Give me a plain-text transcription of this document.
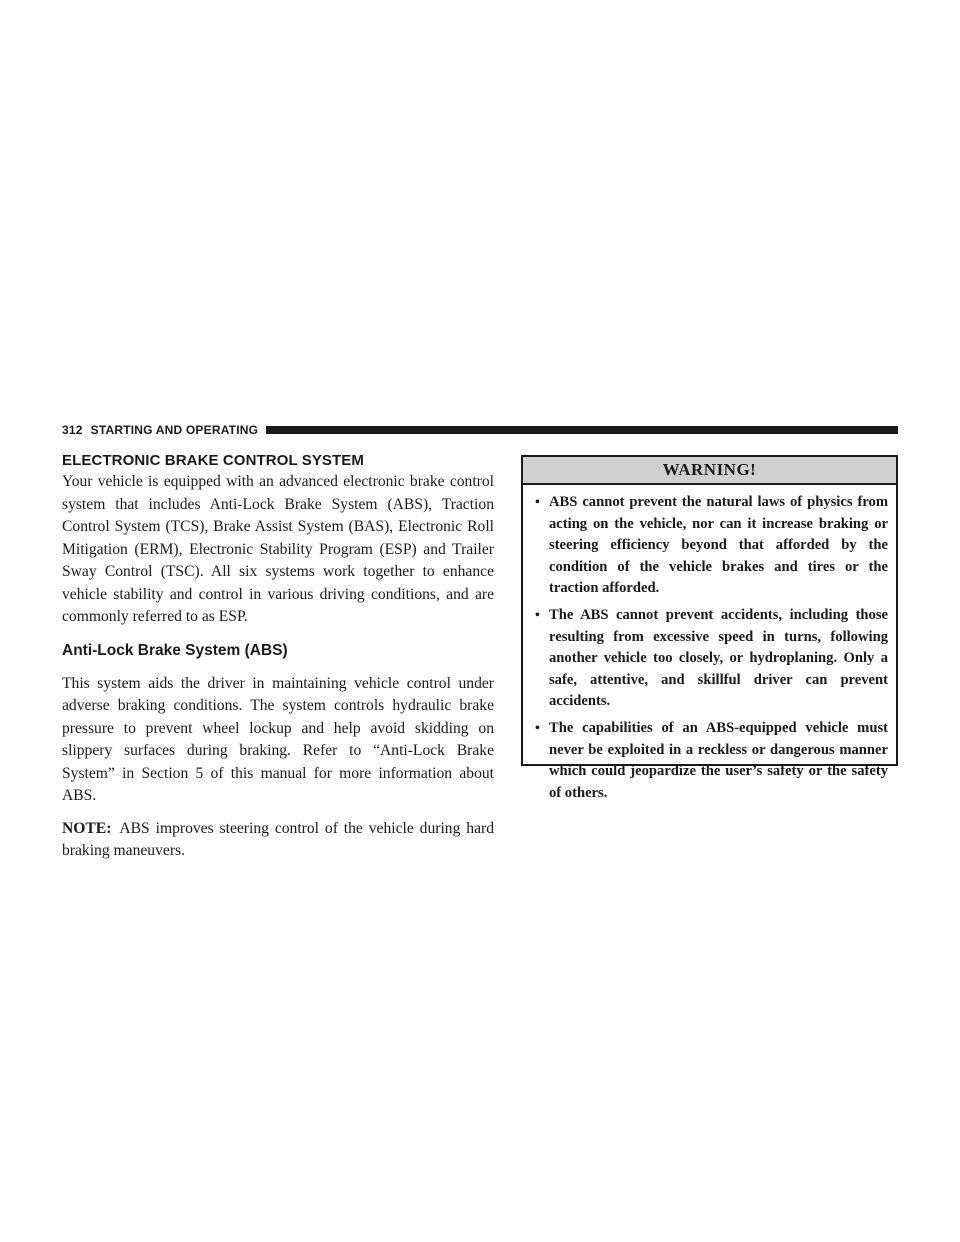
312 STARTING AND OPERATING
ELECTRONIC BRAKE CONTROL SYSTEM

Your vehicle is equipped with an advanced electronic brake control system that includes Anti-Lock Brake System (ABS), Traction Control System (TCS), Brake Assist System (BAS), Electronic Roll Mitigation (ERM), Electronic Stability Program (ESP) and Trailer Sway Control (TSC). All six systems work together to enhance vehicle stability and control in various driving conditions, and are commonly referred to as ESP.

Anti-Lock Brake System (ABS)

This system aids the driver in maintaining vehicle control under adverse braking conditions. The system controls hydraulic brake pressure to prevent wheel lockup and help avoid skidding on slippery surfaces during braking. Refer to “Anti-Lock Brake System” in Section 5 of this manual for more information about ABS.

NOTE: ABS improves steering control of the vehicle during hard braking maneuvers.

WARNING!
• ABS cannot prevent the natural laws of physics from acting on the vehicle, nor can it increase braking or steering efficiency beyond that afforded by the condition of the vehicle brakes and tires or the traction afforded.
• The ABS cannot prevent accidents, including those resulting from excessive speed in turns, following another vehicle too closely, or hydroplaning. Only a safe, attentive, and skillful driver can prevent accidents.
• The capabilities of an ABS-equipped vehicle must never be exploited in a reckless or dangerous manner which could jeopardize the user’s safety or the safety of others.
